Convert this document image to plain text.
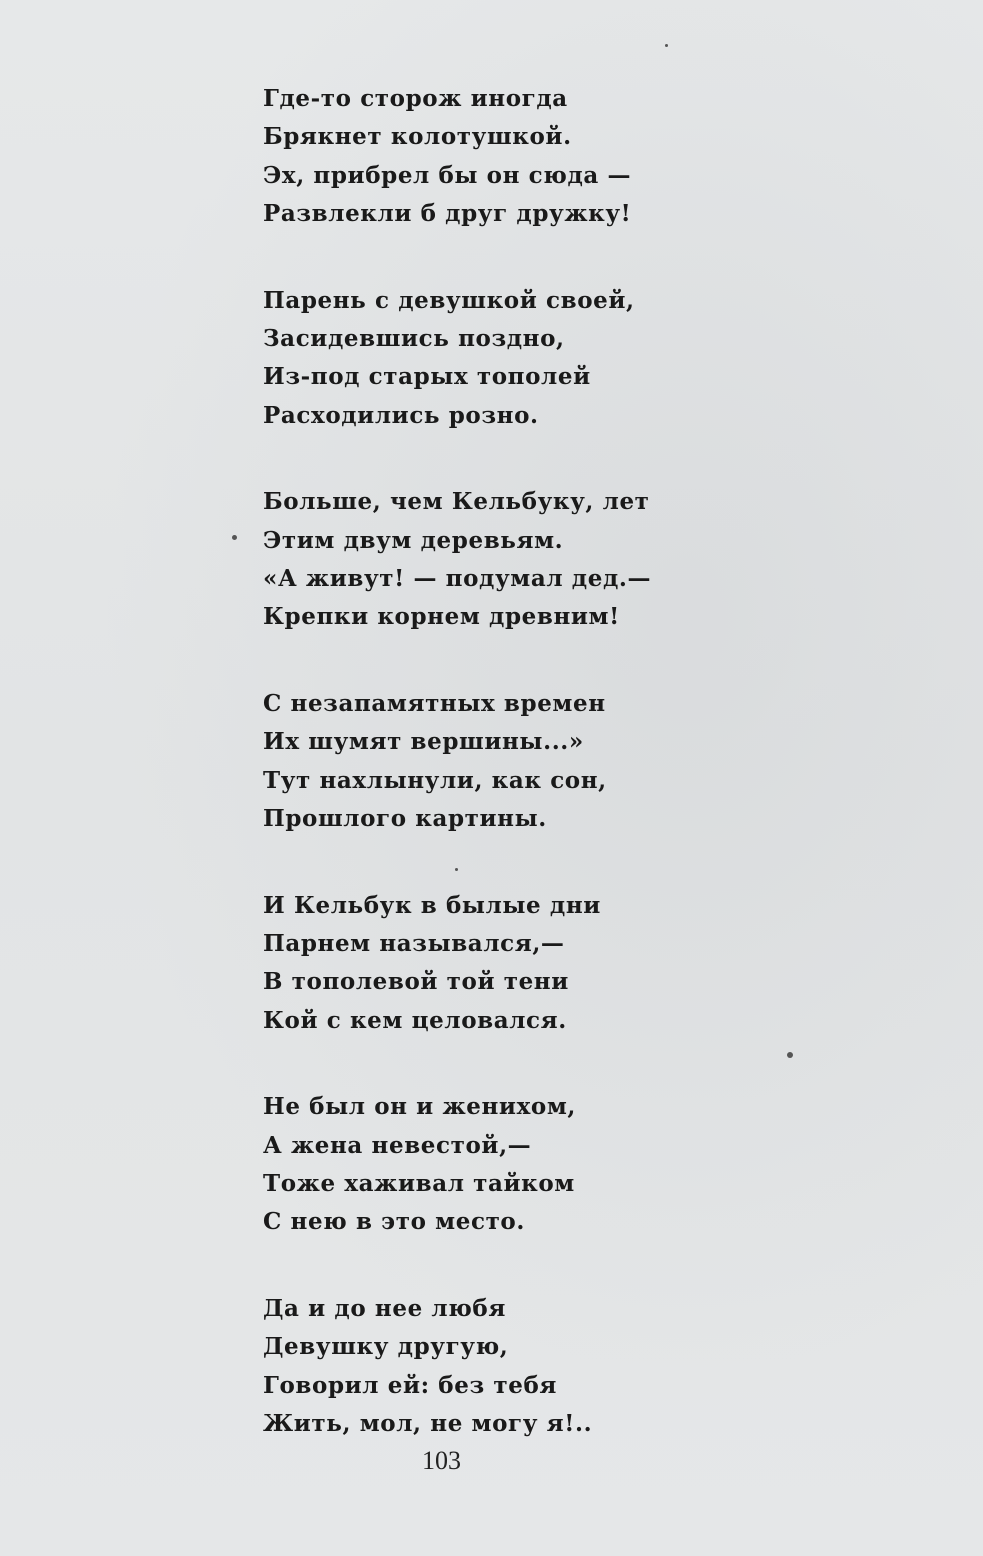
Где-то сторож иногда
Брякнет колотушкой.
Эх, прибрел бы он сюда —
Развлекли б друг дружку!
Парень с девушкой своей,
Засидевшись поздно,
Из-под старых тополей
Расходились розно.
Больше, чем Кельбуку, лет
Этим двум деревьям.
«А живут! — подумал дед.—
Крепки корнем древним!
С незапамятных времен
Их шумят вершины...»
Тут нахлынули, как сон,
Прошлого картины.
И Кельбук в былые дни
Парнем назывался,—
В тополевой той тени
Кой с кем целовался.
Не был он и женихом,
А жена невестой,—
Тоже хаживал тайком
С нею в это место.
Да и до нее любя
Девушку другую,
Говорил ей: без тебя
Жить, мол, не могу я!..
103
